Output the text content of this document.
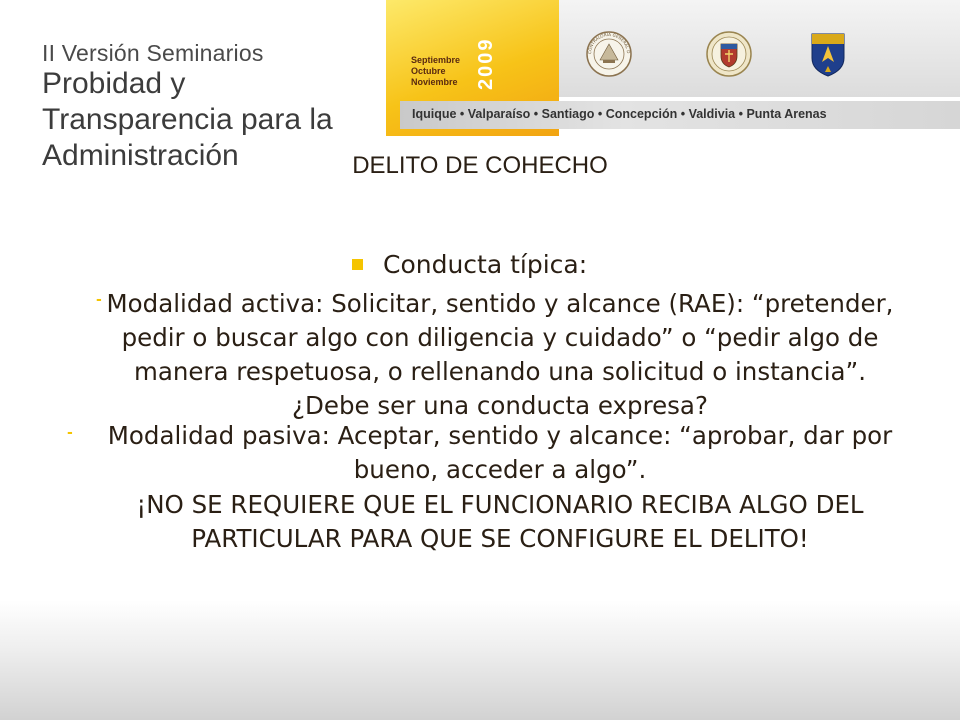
II Versión Seminarios
Probidad y Transparencia para la Administración
Septiembre
Octubre
Noviembre 2009	CONTRALORIA GENERAL D
Iquique • Valparaíso • Santiago • Concepción • Valdivia • Punta Arenas
DELITO DE COHECHO
Conducta típica:
- Modalidad activa: Solicitar, sentido y alcance (RAE): “pretender, pedir o buscar algo con diligencia y cuidado” o “pedir algo de manera respetuosa, o rellenando una solicitud o instancia”. ¿Debe ser una conducta expresa?
-	Modalidad pasiva: Aceptar, sentido y alcance: “aprobar, dar por bueno, acceder a algo”.
¡NO SE REQUIERE QUE EL FUNCIONARIO RECIBA ALGO DEL PARTICULAR PARA QUE SE CONFIGURE EL DELITO!
